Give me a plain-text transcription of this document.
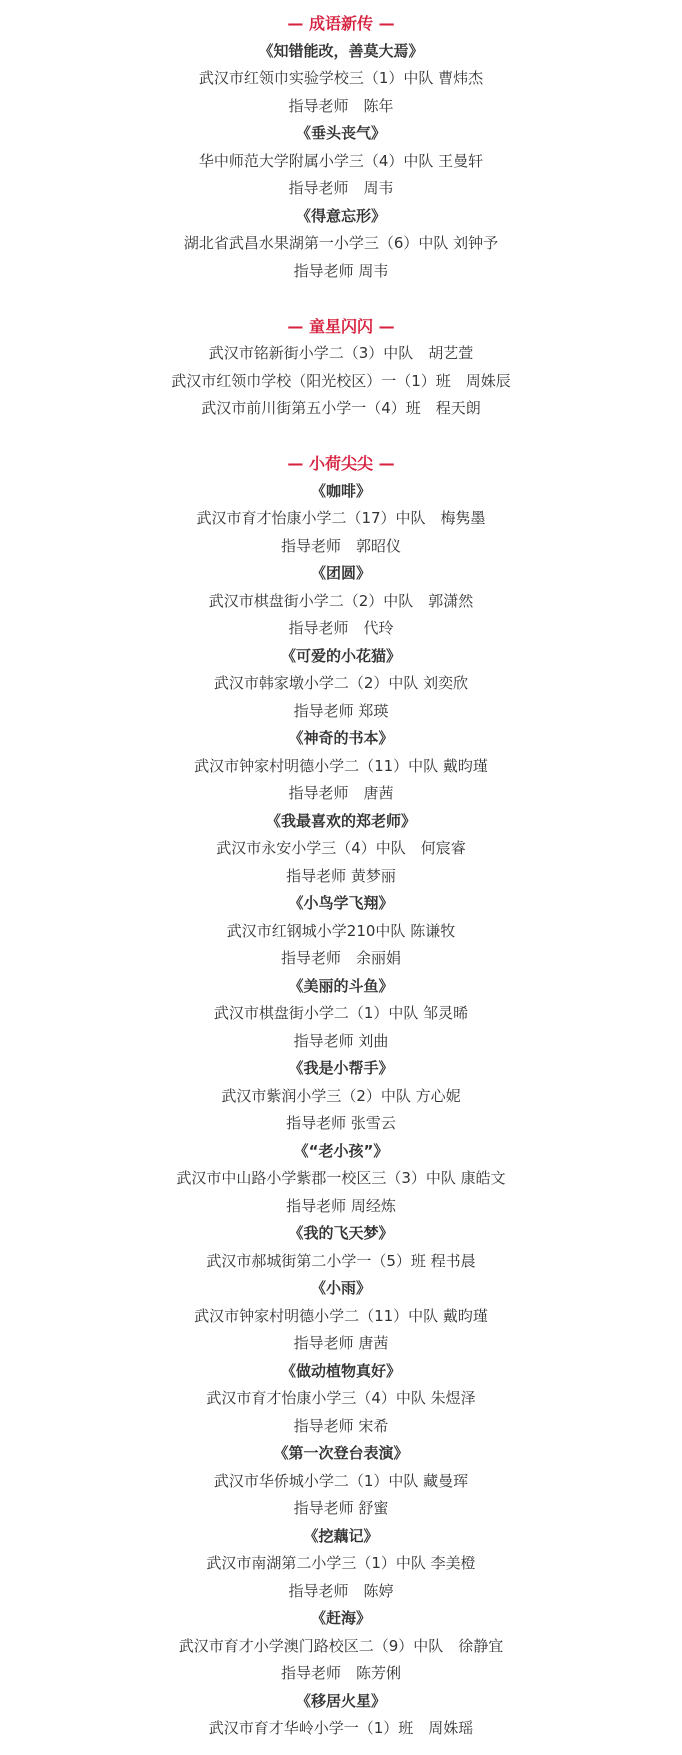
— 成语新传 —
《知错能改，善莫大焉》
武汉市红领巾实验学校三（1）中队 曹炜杰
指导老师　陈年
《垂头丧气》
华中师范大学附属小学三（4）中队 王曼轩
指导老师　周韦
《得意忘形》
湖北省武昌水果湖第一小学三（6）中队 刘钟予
指导老师 周韦
— 童星闪闪 —
武汉市铭新街小学二（3）中队　胡艺萱
武汉市红领巾学校（阳光校区）一（1）班　周姝辰
武汉市前川街第五小学一（4）班　程天朗
— 小荷尖尖 —
《咖啡》
武汉市育才怡康小学二（17）中队　梅隽墨
指导老师　郭昭仪
《团圆》
武汉市棋盘街小学二（2）中队　郭潇然
指导老师　代玲
《可爱的小花猫》
武汉市韩家墩小学二（2）中队 刘奕欣
指导老师 郑瑛
《神奇的书本》
武汉市钟家村明德小学二（11）中队 戴昀瑾
指导老师　唐茜
《我最喜欢的郑老师》
武汉市永安小学三（4）中队　何宸睿
指导老师 黄梦丽
《小鸟学飞翔》
武汉市红钢城小学210中队 陈谦牧
指导老师　余丽娟
《美丽的斗鱼》
武汉市棋盘街小学二（1）中队 邹灵晞
指导老师 刘曲
《我是小帮手》
武汉市紫润小学三（2）中队 方心妮
指导老师 张雪云
《“老小孩”》
武汉市中山路小学紫郡一校区三（3）中队 康皓文
指导老师 周经炼
《我的飞天梦》
武汉市郝城街第二小学一（5）班 程书晨
《小雨》
武汉市钟家村明德小学二（11）中队 戴昀瑾
指导老师 唐茜
《做动植物真好》
武汉市育才怡康小学三（4）中队 朱煜泽
指导老师 宋希
《第一次登台表演》
武汉市华侨城小学二（1）中队 藏曼珲
指导老师 舒蜜
《挖藕记》
武汉市南湖第二小学三（1）中队 李美橙
指导老师　陈婷
《赶海》
武汉市育才小学澳门路校区二（9）中队　徐静宜
指导老师　陈芳俐
《移居火星》
武汉市育才华岭小学一（1）班　周姝瑶
